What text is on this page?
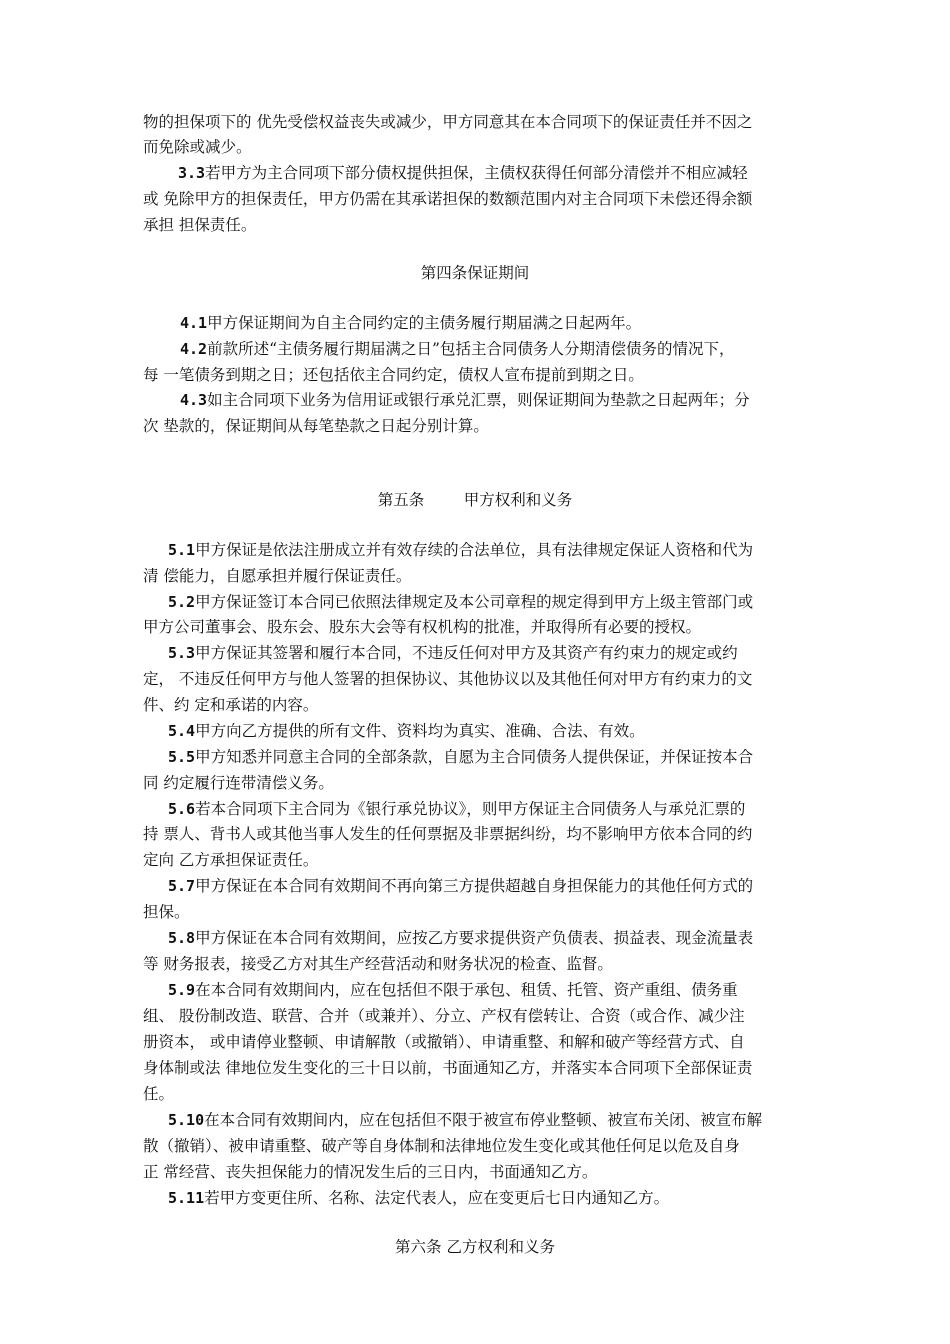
物的担保项下的 优先受偿权益丧失或减少，甲方同意其在本合同项下的保证责任并不因之
而免除或减少。
3.3若甲方为主合同项下部分债权提供担保，主债权获得任何部分清偿并不相应减轻
或 免除甲方的担保责任，甲方仍需在其承诺担保的数额范围内对主合同项下未偿还得余额
承担 担保责任。
第四条保证期间
4.1甲方保证期间为自主合同约定的主债务履行期届满之日起两年。
4.2前款所述“主债务履行期届满之日”包括主合同债务人分期清偿债务的情况下，
每 一笔债务到期之日；还包括依主合同约定，债权人宣布提前到期之日。
4.3如主合同项下业务为信用证或银行承兑汇票，则保证期间为垫款之日起两年；分
次 垫款的，保证期间从每笔垫款之日起分别计算。
第五条        甲方权利和义务
5.1甲方保证是依法注册成立并有效存续的合法单位，具有法律规定保证人资格和代为
清 偿能力，自愿承担并履行保证责任。
5.2甲方保证签订本合同已依照法律规定及本公司章程的规定得到甲方上级主管部门或
甲方公司董事会、股东会、股东大会等有权机构的批准，并取得所有必要的授权。
5.3甲方保证其签署和履行本合同，不违反任何对甲方及其资产有约束力的规定或约
定， 不违反任何甲方与他人签署的担保协议、其他协议以及其他任何对甲方有约束力的文
件、约 定和承诺的内容。
5.4甲方向乙方提供的所有文件、资料均为真实、准确、合法、有效。
5.5甲方知悉并同意主合同的全部条款，自愿为主合同债务人提供保证，并保证按本合
同 约定履行连带清偿义务。
5.6若本合同项下主合同为《银行承兑协议》，则甲方保证主合同债务人与承兑汇票的
持 票人、背书人或其他当事人发生的任何票据及非票据纠纷，均不影响甲方依本合同的约
定向 乙方承担保证责任。
5.7甲方保证在本合同有效期间不再向第三方提供超越自身担保能力的其他任何方式的
担保。
5.8甲方保证在本合同有效期间，应按乙方要求提供资产负债表、损益表、现金流量表
等 财务报表，接受乙方对其生产经营活动和财务状况的检查、监督。
5.9在本合同有效期间内，应在包括但不限于承包、租赁、托管、资产重组、债务重
组、 股份制改造、联营、合并（或兼并）、分立、产权有偿转让、合资（或合作、减少注
册资本， 或申请停业整顿、申请解散（或撤销）、申请重整、和解和破产等经营方式、自
身体制或法 律地位发生变化的三十日以前，书面通知乙方，并落实本合同项下全部保证责
任。
5.10在本合同有效期间内，应在包括但不限于被宣布停业整顿、被宣布关闭、被宣布解
散（撤销）、被申请重整、破产等自身体制和法律地位发生变化或其他任何足以危及自身
正 常经营、丧失担保能力的情况发生后的三日内，书面通知乙方。
5.11若甲方变更住所、名称、法定代表人，应在变更后七日内通知乙方。
第六条 乙方权利和义务
